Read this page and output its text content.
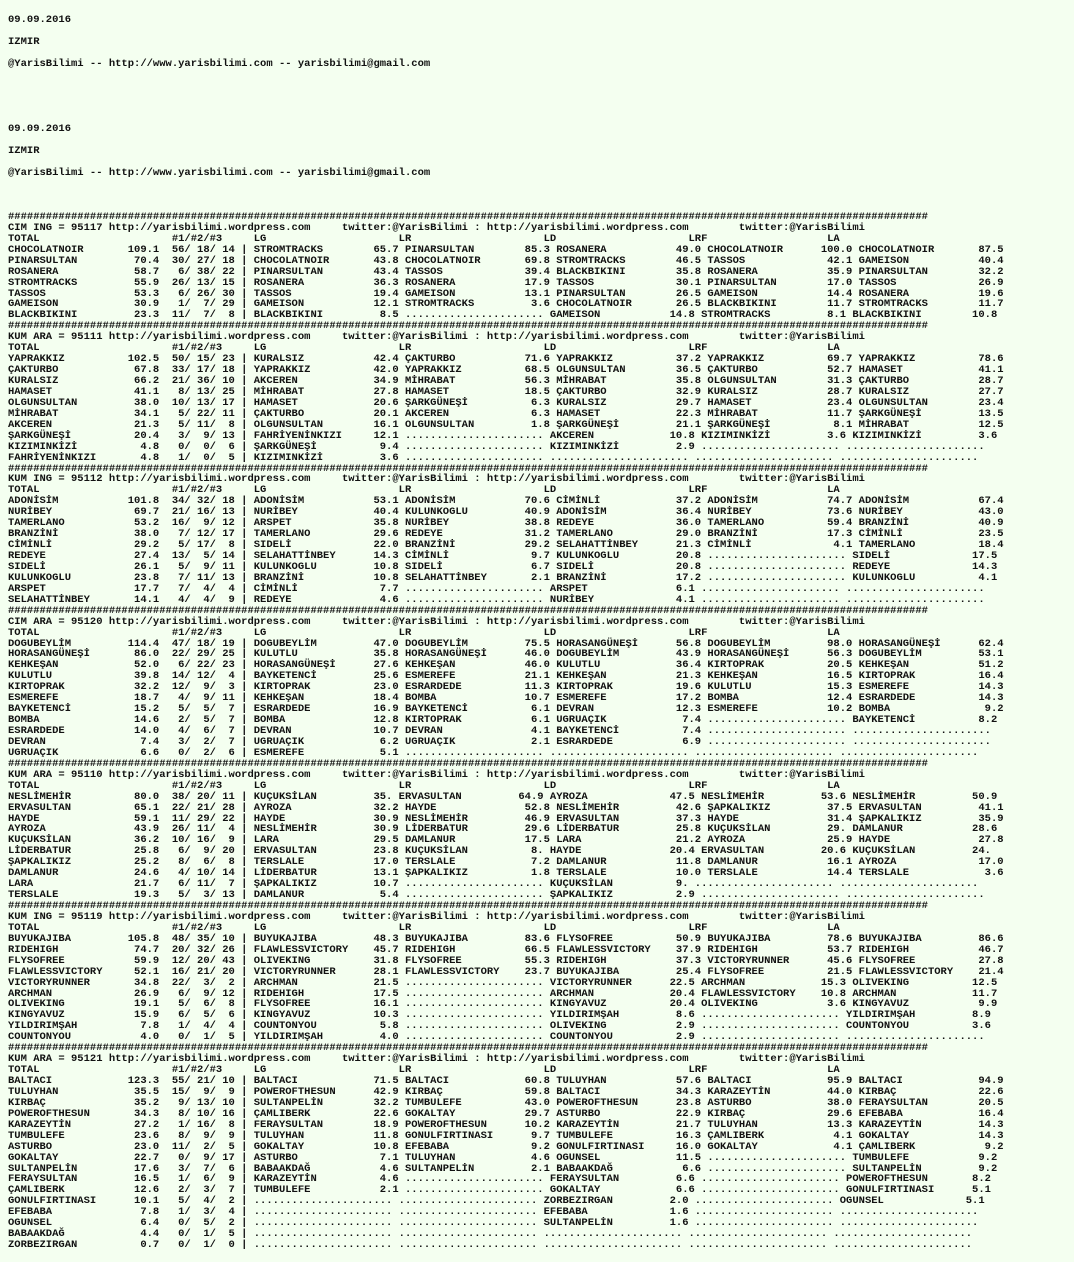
09.09.2016

IZMIR

@YarisBilimi -- http://www.yarisbilimi.com -- yarisbilimi@gmail.com

09.09.2016

IZMIR

@YarisBilimi -- http://www.yarisbilimi.com -- yarisbilimi@gmail.com

##################################################################################################################################################
CIM ING = 95117 http://yarisbilimi.wordpress.com     twitter:@YarisBilimi : http://yarisbilimi.wordpress.com        twitter:@YarisBilimi
TOTAL                     #1/#2/#3     LG                     LR                     LD                     LRF                   LA
CHOCOLATNOIR       109.1  56/ 18/ 14 | STROMTRACKS        65.7 PINARSULTAN        85.3 ROSANERA           49.0 CHOCOLATNOIR      100.0 CHOCOLATNOIR       87.5
PINARSULTAN         70.4  30/ 27/ 18 | CHOCOLATNOIR       43.8 CHOCOLATNOIR       69.8 STROMTRACKS        46.5 TASSOS             42.1 GAMEISON           40.4
ROSANERA            58.7   6/ 38/ 22 | PINARSULTAN        43.4 TASSOS             39.4 BLACKBIKINI        35.8 ROSANERA           35.9 PINARSULTAN        32.2
STROMTRACKS         55.9  26/ 13/ 15 | ROSANERA           36.3 ROSANERA           17.9 TASSOS             30.1 PINARSULTAN        17.0 TASSOS             26.9
TASSOS              53.3   6/ 26/ 30 | TASSOS             19.4 GAMEISON           13.1 PINARSULTAN        26.5 GAMEISON           14.4 ROSANERA           19.6
GAMEISON            30.9   1/  7/ 29 | GAMEISON           12.1 STROMTRACKS         3.6 CHOCOLATNOIR       26.5 BLACKBIKINI        11.7 STROMTRACKS        11.7
BLACKBIKINI         23.3  11/  7/  8 | BLACKBIKINI         8.5 ...................... GAMEISON           14.8 STROMTRACKS         8.1 BLACKBIKINI        10.8
##################################################################################################################################################
KUM ARA = 95111 http://yarisbilimi.wordpress.com     twitter:@YarisBilimi : http://yarisbilimi.wordpress.com        twitter:@YarisBilimi
TOTAL                     #1/#2/#3     LG                     LR                     LD                     LRF                   LA
YAPRAKKIZ          102.5  50/ 15/ 23 | KURALSIZ           42.4 ÇAKTURBO           71.6 YAPRAKKIZ          37.2 YAPRAKKIZ          69.7 YAPRAKKIZ          78.6
ÇAKTURBO            67.8  33/ 17/ 18 | YAPRAKKIZ          42.0 YAPRAKKIZ          68.5 OLGUNSULTAN        36.5 ÇAKTURBO           52.7 HAMASET            41.1
KURALSIZ            66.2  21/ 36/ 10 | AKCEREN            34.9 MİHRABAT           56.3 MİHRABAT           35.8 OLGUNSULTAN        31.3 ÇAKTURBO           28.7
HAMASET             41.1   8/ 13/ 25 | MİHRABAT           27.8 HAMASET            18.5 ÇAKTURBO           32.9 KURALSIZ           28.7 KURALSIZ           27.7
OLGUNSULTAN         38.0  10/ 13/ 17 | HAMASET            20.6 ŞARKGÜNEŞİ          6.3 KURALSIZ           29.7 HAMASET            23.4 OLGUNSULTAN        23.4
MİHRABAT            34.1   5/ 22/ 11 | ÇAKTURBO           20.1 AKCEREN             6.3 HAMASET            22.3 MİHRABAT           11.7 ŞARKGÜNEŞİ         13.5
AKCEREN             21.3   5/ 11/  8 | OLGUNSULTAN        16.1 OLGUNSULTAN         1.8 ŞARKGÜNEŞİ         21.1 ŞARKGÜNEŞİ          8.1 MİHRABAT           12.5
ŞARKGÜNEŞİ          20.4   3/  9/ 13 | FAHRİYENİNKIZI     12.1 ...................... AKCEREN            10.8 KIZIMINKİZİ         3.6 KIZIMINKİZİ         3.6
KIZIMINKİZİ          4.8   0/  0/  6 | ŞARKGÜNEŞİ          9.4 ...................... KIZIMINKİZİ         2.9 ...................... ......................
FAHRİYENİNKIZI       4.8   1/  0/  5 | KIZIMINKİZİ         3.6 ...................... ...................... ...................... ......................
##################################################################################################################################################
KUM ING = 95112 http://yarisbilimi.wordpress.com     twitter:@YarisBilimi : http://yarisbilimi.wordpress.com        twitter:@YarisBilimi
TOTAL                     #1/#2/#3     LG                     LR                     LD                     LRF                   LA
ADONİSİM           101.8  34/ 32/ 18 | ADONİSİM           53.1 ADONİSİM           70.6 CİMİNLİ            37.2 ADONİSİM           74.7 ADONİSİM           67.4
NURİBEY             69.7  21/ 16/ 13 | NURİBEY            40.4 KULUNKOGLU         40.9 ADONİSİM           36.4 NURİBEY            73.6 NURİBEY            43.0
TAMERLANO           53.2  16/  9/ 12 | ARSPET             35.8 NURİBEY            38.8 REDEYE             36.0 TAMERLANO          59.4 BRANZİNİ           40.9
BRANZİNİ            38.0   7/ 12/ 17 | TAMERLANO          29.6 REDEYE             31.2 TAMERLANO          29.0 BRANZİNİ           17.3 CİMİNLİ            23.5
CİMİNLİ             29.2   5/ 17/  8 | SIDELİ             22.0 BRANZİNİ           29.2 SELAHATTİNBEY      21.3 CİMİNLİ             4.1 TAMERLANO          18.4
REDEYE              27.4  13/  5/ 14 | SELAHATTİNBEY      14.3 CİMİNLİ             9.7 KULUNKOGLU         20.8 ...................... SIDELİ             17.5
SIDELİ              26.1   5/  9/ 11 | KULUNKOGLU         10.8 SIDELİ              6.7 SIDELİ             20.8 ...................... REDEYE             14.3
KULUNKOGLU          23.8   7/ 11/ 13 | BRANZİNİ           10.8 SELAHATTİNBEY       2.1 BRANZİNİ           17.2 ...................... KULUNKOGLU          4.1
ARSPET              17.7   7/  4/  4 | CİMİNLİ             7.7 ...................... ARSPET              6.1 ...................... ......................
SELAHATTİNBEY       14.1   4/  4/  9 | REDEYE              4.6 ...................... NURİBEY             4.1 ...................... ......................
##################################################################################################################################################
CIM ARA = 95120 http://yarisbilimi.wordpress.com     twitter:@YarisBilimi : http://yarisbilimi.wordpress.com        twitter:@YarisBilimi
TOTAL                     #1/#2/#3     LG                     LR                     LD                     LRF                   LA
DOGUBEYLİM         114.4  47/ 18/ 19 | DOGUBEYLİM         47.0 DOGUBEYLİM         75.5 HORASANGÜNEŞİ      56.8 DOGUBEYLİM         98.0 HORASANGÜNEŞİ      62.4
HORASANGÜNEŞİ       86.0  22/ 29/ 25 | KULUTLU            35.8 HORASANGÜNEŞİ      46.0 DOGUBEYLİM         43.9 HORASANGÜNEŞİ      56.3 DOGUBEYLİM         53.1
KEHKEŞAN            52.0   6/ 22/ 23 | HORASANGÜNEŞİ      27.6 KEHKEŞAN           46.0 KULUTLU            36.4 KIRTOPRAK          20.5 KEHKEŞAN           51.2
KULUTLU             39.8  14/ 12/  4 | BAYKETENCİ         25.6 ESMEREFE           21.1 KEHKEŞAN           21.3 KEHKEŞAN           16.5 KIRTOPRAK          16.4
KIRTOPRAK           32.2  12/  9/  3 | KIRTOPRAK          23.0 ESRARDEDE          11.3 KIRTOPRAK          19.6 KULUTLU            15.3 ESMEREFE           14.3
ESMEREFE            18.7   4/  9/ 11 | KEHKEŞAN           18.4 BOMBA              10.7 ESMEREFE           17.2 BOMBA              12.4 ESRARDEDE          14.3
BAYKETENCİ          15.2   5/  5/  7 | ESRARDEDE          16.9 BAYKETENCİ          6.1 DEVRAN             12.3 ESMEREFE           10.2 BOMBA               9.2
BOMBA               14.6   2/  5/  7 | BOMBA              12.8 KIRTOPRAK           6.1 UGRUAÇIK            7.4 ...................... BAYKETENCİ          8.2
ESRARDEDE           14.0   4/  6/  7 | DEVRAN             10.7 DEVRAN              4.1 BAYKETENCİ          7.4 ...................... ......................
DEVRAN               7.4   3/  2/  7 | UGRUAÇIK            6.2 UGRUAÇIK            2.1 ESRARDEDE           6.9 ...................... ......................
UGRUAÇIK             6.6   0/  2/  6 | ESMEREFE            5.1 ...................... ...................... ...................... ......................
##################################################################################################################################################
KUM ARA = 95110 http://yarisbilimi.wordpress.com     twitter:@YarisBilimi : http://yarisbilimi.wordpress.com        twitter:@YarisBilimi
TOTAL                     #1/#2/#3     LG                     LR                     LD                     LRF                   LA
NESLİMEHİR          80.0  38/ 20/ 11 | KUÇUKSİLAN         35. ERVASULTAN         64.9 AYROZA             47.5 NESLİMEHİR         53.6 NESLİMEHİR         50.9
ERVASULTAN          65.1  22/ 21/ 28 | AYROZA             32.2 HAYDE              52.8 NESLİMEHİR         42.6 ŞAPKALIKIZ         37.5 ERVASULTAN         41.1
HAYDE               59.1  11/ 29/ 22 | HAYDE              30.9 NESLİMEHİR         46.9 ERVASULTAN         37.3 HAYDE              31.4 ŞAPKALIKIZ         35.9
AYROZA              43.9  26/ 11/  4 | NESLİMEHİR         30.9 LİDERBATUR         29.6 LİDERBATUR         25.8 KUÇUKSİLAN         29. DAMLANUR           28.6
KUÇUKSİLAN          36.2  10/ 16/  9 | LARA               29.5 DAMLANUR           17.5 LARA               21.2 AYROZA             25.9 HAYDE              27.8
LİDERBATUR          25.8   6/  9/ 20 | ERVASULTAN         23.8 KUÇUKSİLAN          8. HAYDE              20.4 ERVASULTAN         20.6 KUÇUKSİLAN         24.
ŞAPKALIKIZ          25.2   8/  6/  8 | TERSLALE           17.0 TERSLALE            7.2 DAMLANUR           11.8 DAMLANUR           16.1 AYROZA             17.0
DAMLANUR            24.6   4/ 10/ 14 | LİDERBATUR         13.1 ŞAPKALIKIZ          1.8 TERSLALE           10.0 TERSLALE           14.4 TERSLALE            3.6
LARA                21.7   6/ 11/  7 | ŞAPKALIKIZ         10.7 ...................... KUÇUKSİLAN          9. ...................... ......................
TERSLALE            19.3   5/  3/ 13 | DAMLANUR            5.4 ...................... ŞAPKALIKIZ          2.9 ...................... ......................
##################################################################################################################################################
KUM ING = 95119 http://yarisbilimi.wordpress.com     twitter:@YarisBilimi : http://yarisbilimi.wordpress.com        twitter:@YarisBilimi
TOTAL                     #1/#2/#3     LG                     LR                     LD                     LRF                   LA
BUYUKAJIBA         105.8  48/ 35/ 10 | BUYUKAJIBA         48.3 BUYUKAJIBA         83.6 FLYSOFREE          50.9 BUYUKAJIBA         78.6 BUYUKAJIBA         86.6
RIDEHIGH            74.7  20/ 32/ 26 | FLAWLESSVICTORY    45.7 RIDEHIGH           66.5 FLAWLESSVICTORY    37.9 RIDEHIGH           53.7 RIDEHIGH           46.7
FLYSOFREE           59.9  12/ 20/ 43 | OLIVEKING          31.8 FLYSOFREE          55.3 RIDEHIGH           37.3 VICTORYRUNNER      45.6 FLYSOFREE          27.8
FLAWLESSVICTORY     52.1  16/ 21/ 20 | VICTORYRUNNER      28.1 FLAWLESSVICTORY    23.7 BUYUKAJIBA         25.4 FLYSOFREE          21.5 FLAWLESSVICTORY    21.4
VICTORYRUNNER       34.8  22/  3/  2 | ARCHMAN            21.5 ...................... VICTORYRUNNER      22.5 ARCHMAN            15.3 OLIVEKING          12.5
ARCHMAN             26.9   6/  9/ 12 | RIDEHIGH           17.5 ...................... ARCHMAN            20.4 FLAWLESSVICTORY    10.8 ARCHMAN            11.7
OLIVEKING           19.1   5/  6/  8 | FLYSOFREE          16.1 ...................... KINGYAVUZ          20.4 OLIVEKING           3.6 KINGYAVUZ           9.9
KINGYAVUZ           15.9   6/  5/  6 | KINGYAVUZ          10.3 ...................... YILDIRIMŞAH         8.6 ...................... YILDIRIMŞAH         8.9
YILDIRIMŞAH          7.8   1/  4/  4 | COUNTONYOU          5.8 ...................... OLIVEKING           2.9 ...................... COUNTONYOU          3.6
COUNTONYOU           4.0   0/  1/  5 | YILDIRIMŞAH         4.0 ...................... COUNTONYOU          2.9 ...................... ......................
##################################################################################################################################################
KUM ARA = 95121 http://yarisbilimi.wordpress.com     twitter:@YarisBilimi : http://yarisbilimi.wordpress.com        twitter:@YarisBilimi
TOTAL                     #1/#2/#3     LG                     LR                     LD                     LRF                   LA
BALTACI            123.3  55/ 21/ 10 | BALTACI            71.5 BALTACI            60.8 TULUYHAN           57.6 BALTACI            95.9 BALTACI            94.9
TULUYHAN            35.5  15/  9/  9 | POWEROFTHESUN      42.9 KIRBAÇ             59.8 BALTACI            34.3 KARAZEYTİN         44.0 KIRBAÇ             22.6
KIRBAÇ              35.2   9/ 13/ 10 | SULTANPELİN        32.2 TUMBULEFE          43.0 POWEROFTHESUN      23.8 ASTURBO            38.0 FERAYSULTAN        20.5
POWEROFTHESUN       34.3   8/ 10/ 16 | ÇAMLIBERK          22.6 GOKALTAY           29.7 ASTURBO            22.9 KIRBAÇ             29.6 EFEBABA            16.4
KARAZEYTİN          27.2   1/ 16/  8 | FERAYSULTAN        18.9 POWEROFTHESUN      10.2 KARAZEYTİN         21.7 TULUYHAN           13.3 KARAZEYTİN         14.3
TUMBULEFE           23.6   8/  9/  9 | TULUYHAN           11.8 GONULFIRTINASI      9.7 TUMBULEFE          16.3 ÇAMLIBERK           4.1 GOKALTAY           14.3
ASTURBO             23.0  11/  2/  5 | GOKALTAY           10.8 EFEBABA             9.2 GONULFIRTINASI     16.0 GOKALTAY            4.1 ÇAMLIBERK           9.2
GOKALTAY            22.7   0/  9/ 17 | ASTURBO             7.1 TULUYHAN            4.6 OGUNSEL            11.5 ...................... TUMBULEFE           9.2
SULTANPELİN         17.6   3/  7/  6 | BABAAKDAĞ           4.6 SULTANPELİN         2.1 BABAAKDAĞ           6.6 ...................... SULTANPELİN         9.2
FERAYSULTAN         16.5   1/  6/  9 | KARAZEYTİN          4.6 ...................... FERAYSULTAN         6.6 ...................... POWEROFTHESUN       8.2
ÇAMLIBERK           12.6   2/  3/  7 | TUMBULEFE           2.1 ...................... GOKALTAY            6.6 ...................... GONULFIRTINASI      5.1
GONULFIRTINASI      10.1   5/  4/  2 | ...................... ...................... ZORBEZIRGAN         2.0 ...................... OGUNSEL             5.1
EFEBABA              7.8   1/  3/  4 | ...................... ...................... EFEBABA             1.6 ...................... ......................
OGUNSEL              6.4   0/  5/  2 | ...................... ...................... SULTANPELİN         1.6 ...................... ......................
BABAAKDAĞ            4.4   0/  1/  5 | ...................... ...................... ...................... ...................... ......................
ZORBEZIRGAN          0.7   0/  1/  0 | ...................... ...................... ...................... ...................... ......................
